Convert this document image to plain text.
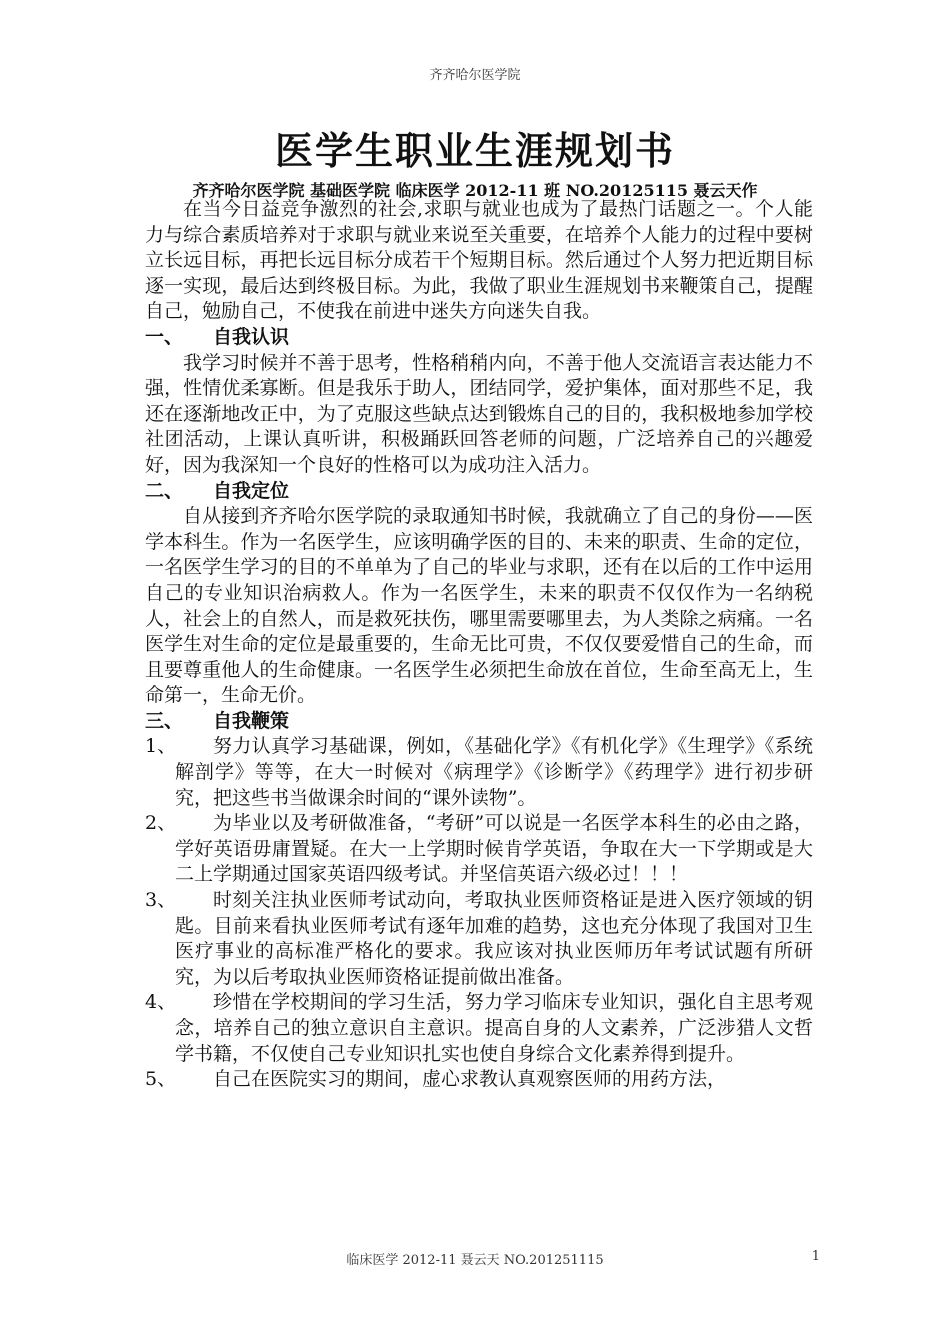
齐齐哈尔医学院
医学生职业生涯规划书
齐齐哈尔医学院 基础医学院 临床医学 2012-11 班 NO.20125115 聂云天作

在当今日益竞争激烈的社会,求职与就业也成为了最热门话题之一。个人能力与综合素质培养对于求职与就业来说至关重要，在培养个人能力的过程中要树立长远目标，再把长远目标分成若干个短期目标。然后通过个人努力把近期目标逐一实现，最后达到终极目标。为此，我做了职业生涯规划书来鞭策自己，提醒自己，勉励自己，不使我在前进中迷失方向迷失自我。

一、	自我认识

我学习时候并不善于思考，性格稍稍内向，不善于他人交流语言表达能力不强，性情优柔寡断。但是我乐于助人，团结同学，爱护集体，面对那些不足，我还在逐渐地改正中，为了克服这些缺点达到锻炼自己的目的，我积极地参加学校社团活动，上课认真听讲，积极踊跃回答老师的问题，广泛培养自己的兴趣爱好，因为我深知一个良好的性格可以为成功注入活力。

二、	自我定位

自从接到齐齐哈尔医学院的录取通知书时候，我就确立了自己的身份——医学本科生。作为一名医学生，应该明确学医的目的、未来的职责、生命的定位，一名医学生学习的目的不单单为了自己的毕业与求职，还有在以后的工作中运用自己的专业知识治病救人。作为一名医学生，未来的职责不仅仅作为一名纳税人，社会上的自然人，而是救死扶伤，哪里需要哪里去，为人类除之病痛。一名医学生对生命的定位是最重要的，生命无比可贵，不仅仅要爱惜自己的生命，而且要尊重他人的生命健康。一名医学生必须把生命放在首位，生命至高无上，生命第一，生命无价。

三、	自我鞭策
1、	努力认真学习基础课，例如，《基础化学》《有机化学》《生理学》《系统解剖学》等等，在大一时候对《病理学》《诊断学》《药理学》进行初步研究，把这些书当做课余时间的“课外读物”。
2、	为毕业以及考研做准备，“考研”可以说是一名医学本科生的必由之路，学好英语毋庸置疑。在大一上学期时候肯学英语，争取在大一下学期或是大二上学期通过国家英语四级考试。并坚信英语六级必过！！！
3、	时刻关注执业医师考试动向，考取执业医师资格证是进入医疗领域的钥匙。目前来看执业医师考试有逐年加难的趋势，这也充分体现了我国对卫生医疗事业的高标准严格化的要求。我应该对执业医师历年考试试题有所研究，为以后考取执业医师资格证提前做出准备。
4、	珍惜在学校期间的学习生活，努力学习临床专业知识，强化自主思考观念，培养自己的独立意识自主意识。提高自身的人文素养，广泛涉猎人文哲学书籍，不仅使自己专业知识扎实也使自身综合文化素养得到提升。
5、	自己在医院实习的期间，虚心求教认真观察医师的用药方法，
临床医学 2012-11 聂云天 NO.201251115	1
